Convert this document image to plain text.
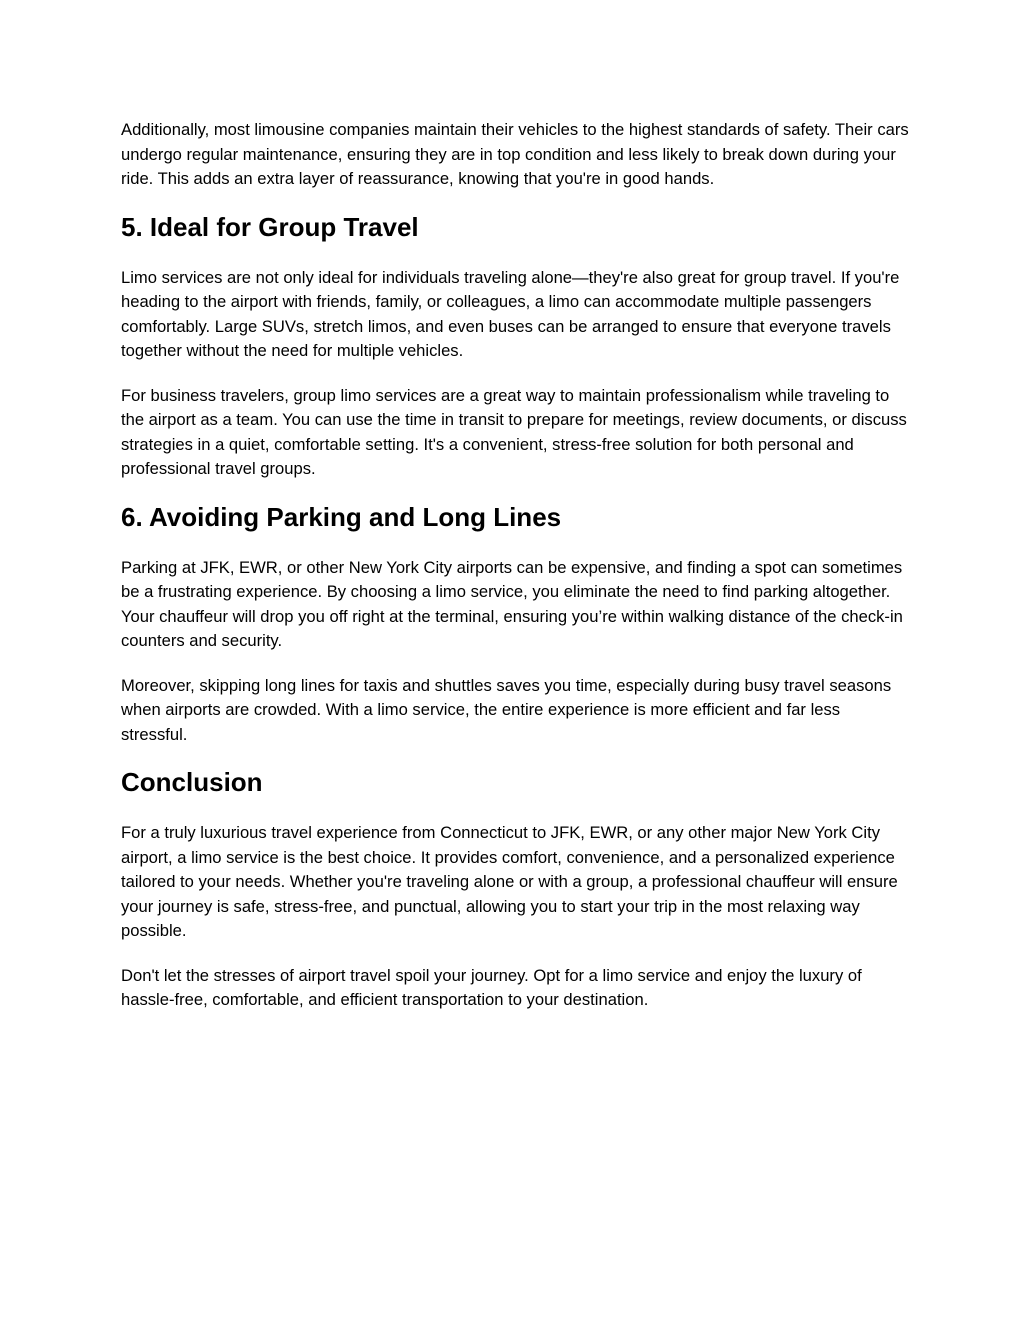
Additionally, most limousine companies maintain their vehicles to the highest standards of safety. Their cars undergo regular maintenance, ensuring they are in top condition and less likely to break down during your ride. This adds an extra layer of reassurance, knowing that you're in good hands.

5. Ideal for Group Travel

Limo services are not only ideal for individuals traveling alone—they're also great for group travel. If you're heading to the airport with friends, family, or colleagues, a limo can accommodate multiple passengers comfortably. Large SUVs, stretch limos, and even buses can be arranged to ensure that everyone travels together without the need for multiple vehicles.

For business travelers, group limo services are a great way to maintain professionalism while traveling to the airport as a team. You can use the time in transit to prepare for meetings, review documents, or discuss strategies in a quiet, comfortable setting. It's a convenient, stress-free solution for both personal and professional travel groups.

6. Avoiding Parking and Long Lines

Parking at JFK, EWR, or other New York City airports can be expensive, and finding a spot can sometimes be a frustrating experience. By choosing a limo service, you eliminate the need to find parking altogether. Your chauffeur will drop you off right at the terminal, ensuring you’re within walking distance of the check-in counters and security.

Moreover, skipping long lines for taxis and shuttles saves you time, especially during busy travel seasons when airports are crowded. With a limo service, the entire experience is more efficient and far less stressful.

Conclusion

For a truly luxurious travel experience from Connecticut to JFK, EWR, or any other major New York City airport, a limo service is the best choice. It provides comfort, convenience, and a personalized experience tailored to your needs. Whether you're traveling alone or with a group, a professional chauffeur will ensure your journey is safe, stress-free, and punctual, allowing you to start your trip in the most relaxing way possible.

Don't let the stresses of airport travel spoil your journey. Opt for a limo service and enjoy the luxury of hassle-free, comfortable, and efficient transportation to your destination.
